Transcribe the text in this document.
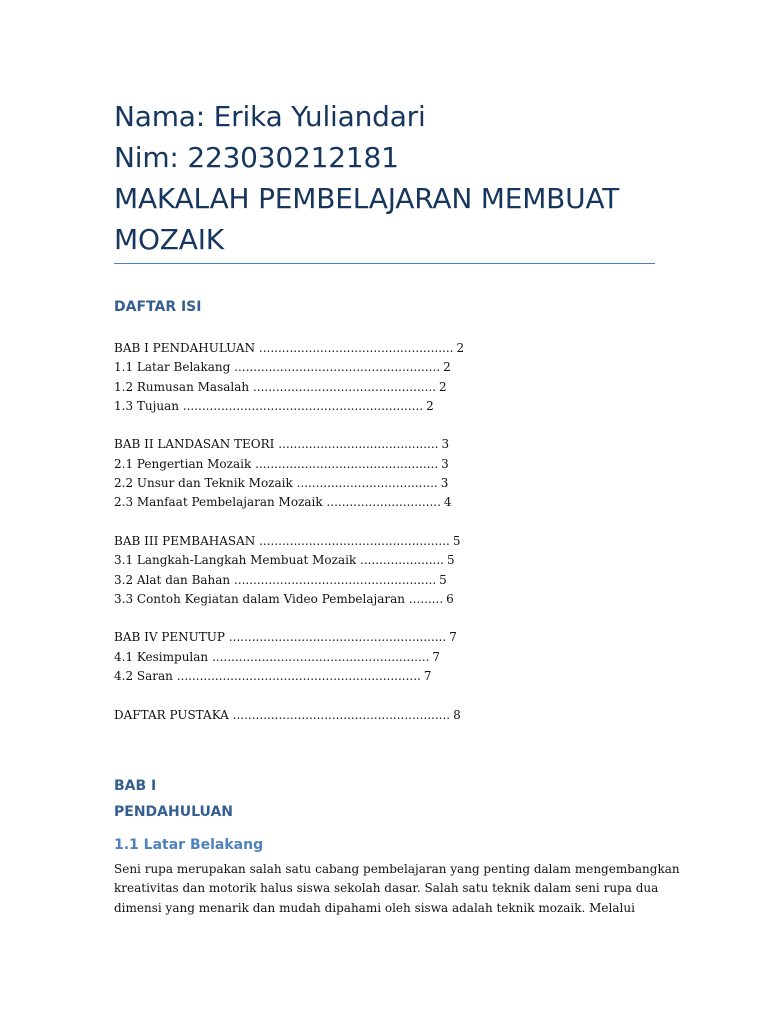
Nama: Erika Yuliandari
Nim: 223030212181
MAKALAH PEMBELAJARAN MEMBUAT
MOZAIK
DAFTAR ISI
BAB I PENDAHULUAN ................................................... 2
1.1 Latar Belakang ...................................................... 2
1.2 Rumusan Masalah ................................................ 2
1.3 Tujuan ............................................................... 2
BAB II LANDASAN TEORI .......................................... 3
2.1 Pengertian Mozaik ................................................ 3
2.2 Unsur dan Teknik Mozaik ..................................... 3
2.3 Manfaat Pembelajaran Mozaik .............................. 4
BAB III PEMBAHASAN .................................................. 5
3.1 Langkah-Langkah Membuat Mozaik ...................... 5
3.2 Alat dan Bahan ..................................................... 5
3.3 Contoh Kegiatan dalam Video Pembelajaran ......... 6
BAB IV PENUTUP ......................................................... 7
4.1 Kesimpulan ......................................................... 7
4.2 Saran ................................................................ 7
DAFTAR PUSTAKA ......................................................... 8
BAB I
PENDAHULUAN
1.1 Latar Belakang
Seni rupa merupakan salah satu cabang pembelajaran yang penting dalam mengembangkan
kreativitas dan motorik halus siswa sekolah dasar. Salah satu teknik dalam seni rupa dua
dimensi yang menarik dan mudah dipahami oleh siswa adalah teknik mozaik. Melalui
